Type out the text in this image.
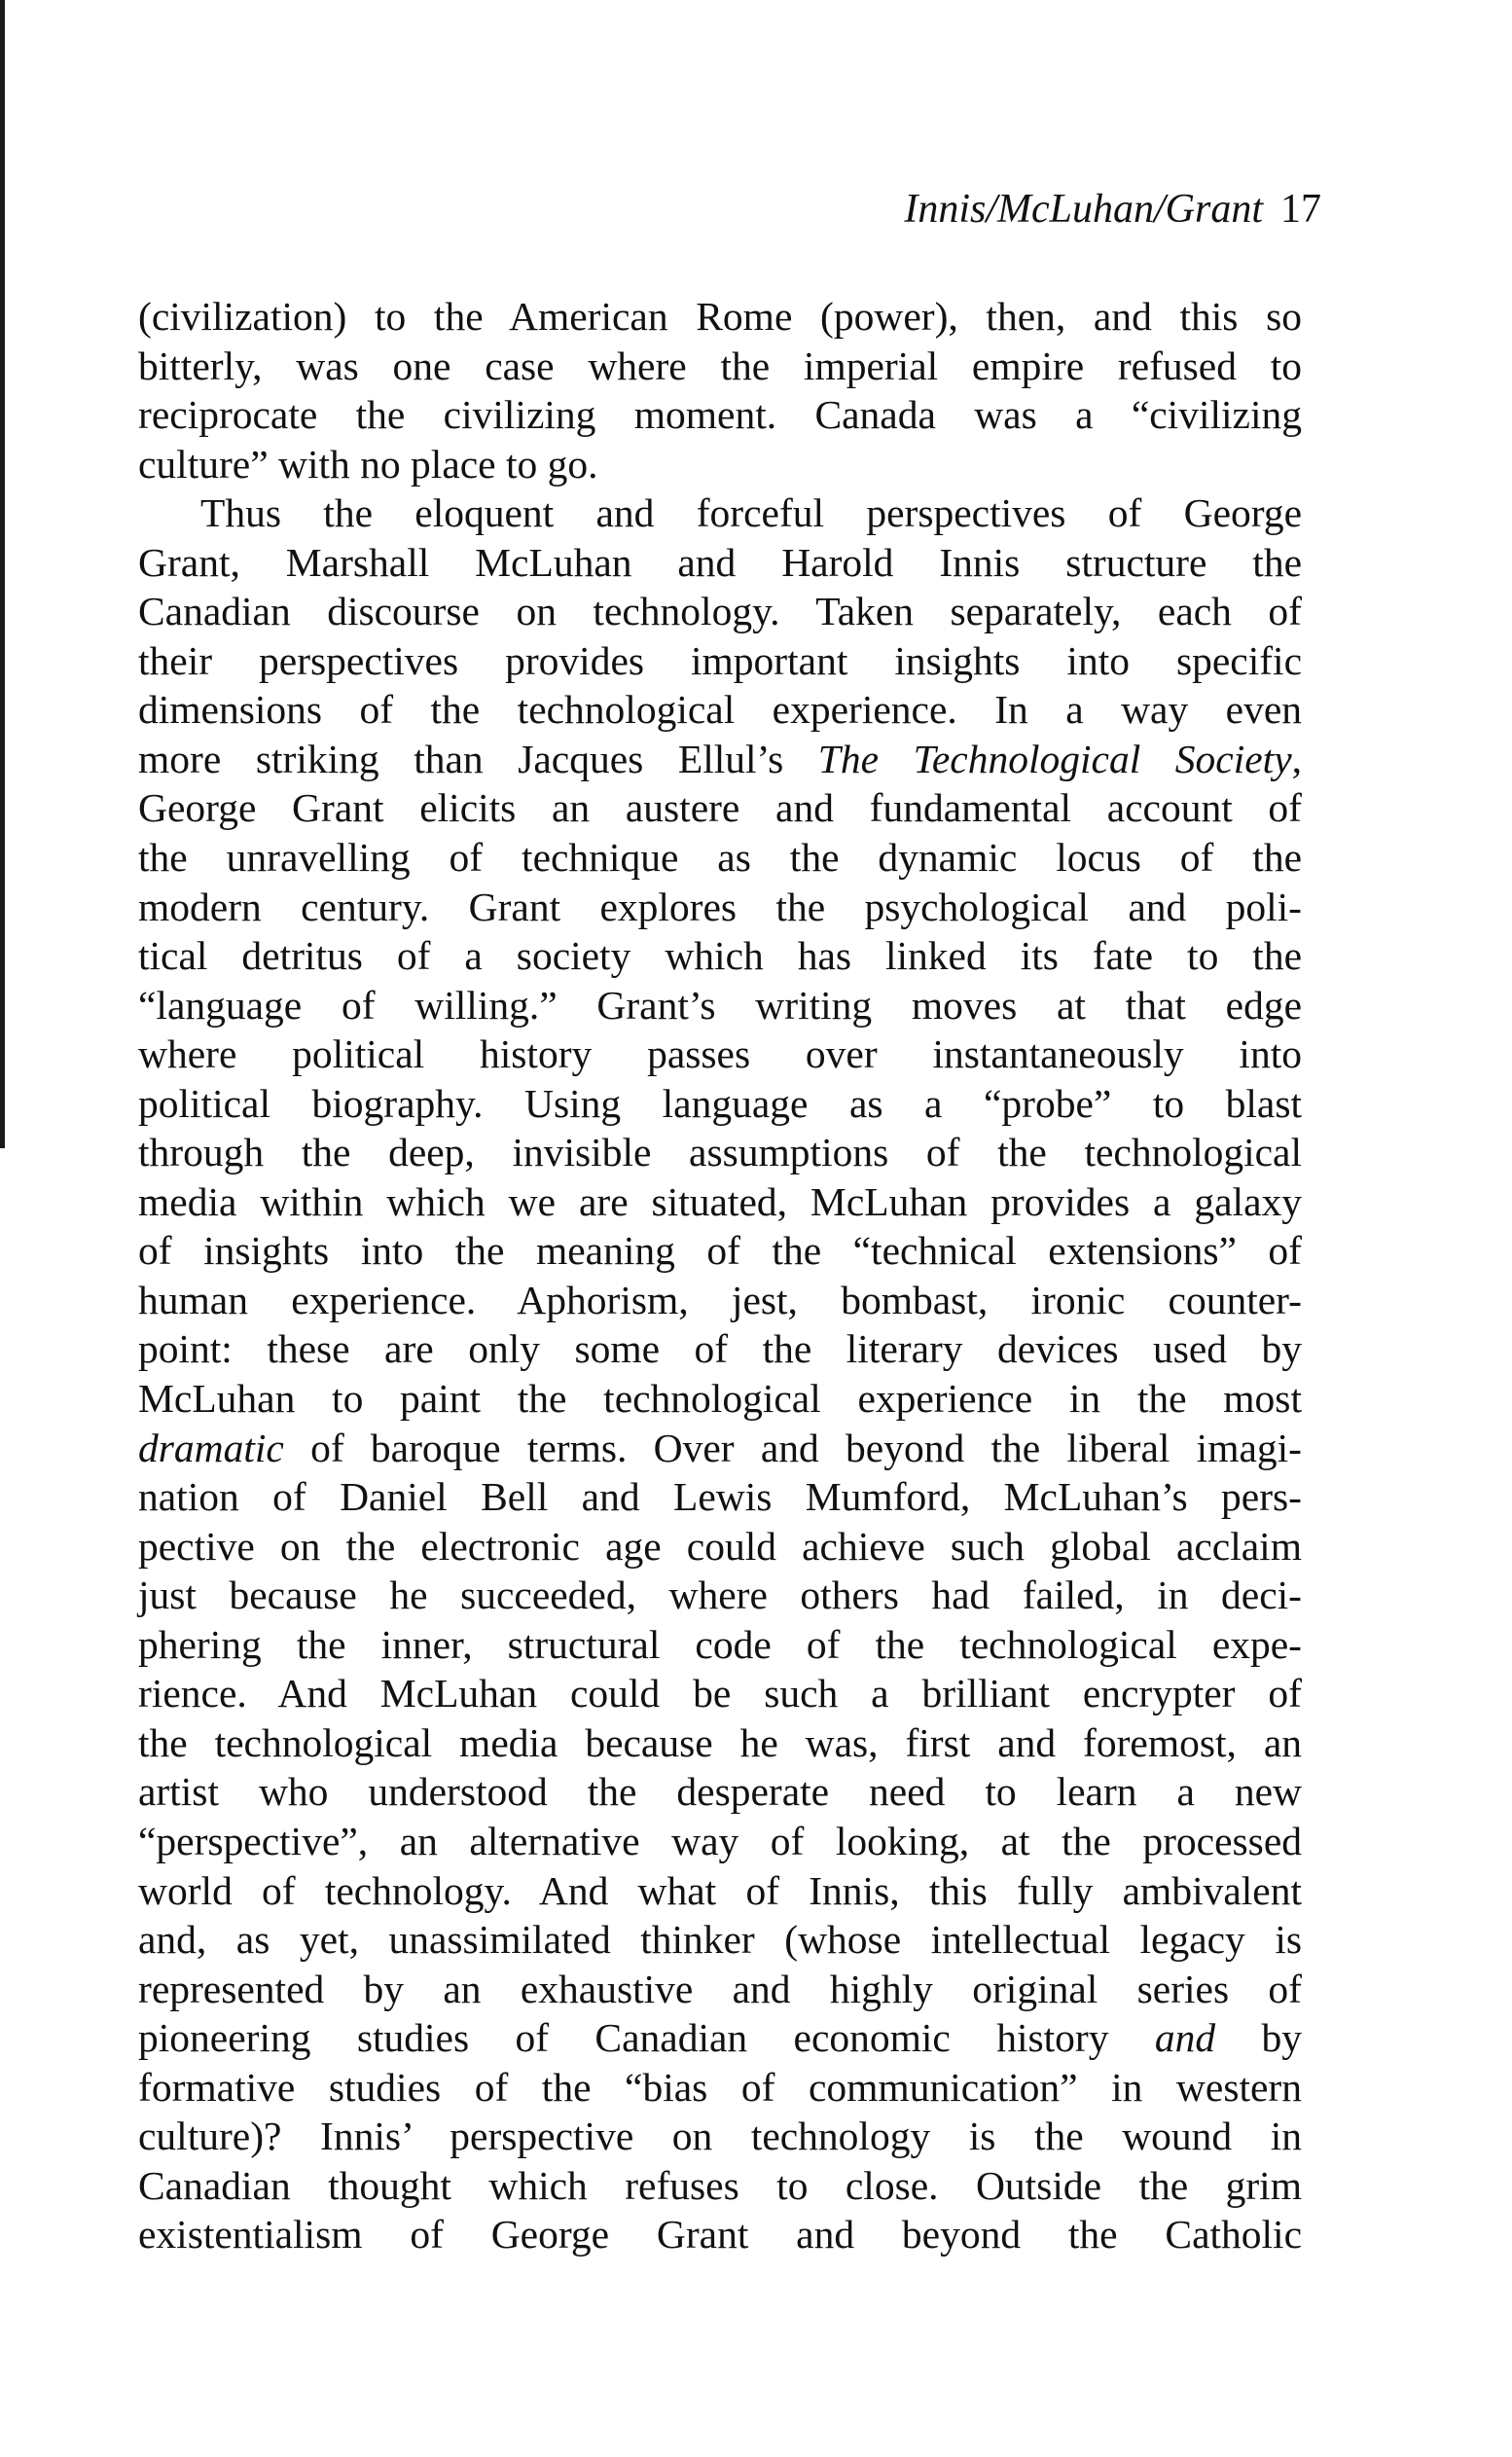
Innis/McLuhan/Grant 17
(civilization) to the American Rome (power), then, and this so
bitterly, was one case where the imperial empire refused to
reciprocate the civilizing moment. Canada was a “civilizing
culture” with no place to go.
Thus the eloquent and forceful perspectives of George
Grant, Marshall McLuhan and Harold Innis structure the
Canadian discourse on technology. Taken separately, each of
their perspectives provides important insights into specific
dimensions of the technological experience. In a way even
more striking than Jacques Ellul’s The Technological Society,
George Grant elicits an austere and fundamental account of
the unravelling of technique as the dynamic locus of the
modern century. Grant explores the psychological and poli-
tical detritus of a society which has linked its fate to the
“language of willing.” Grant’s writing moves at that edge
where political history passes over instantaneously into
political biography. Using language as a “probe” to blast
through the deep, invisible assumptions of the technological
media within which we are situated, McLuhan provides a galaxy
of insights into the meaning of the “technical extensions” of
human experience. Aphorism, jest, bombast, ironic counter-
point: these are only some of the literary devices used by
McLuhan to paint the technological experience in the most
dramatic of baroque terms. Over and beyond the liberal imagi-
nation of Daniel Bell and Lewis Mumford, McLuhan’s pers-
pective on the electronic age could achieve such global acclaim
just because he succeeded, where others had failed, in deci-
phering the inner, structural code of the technological expe-
rience. And McLuhan could be such a brilliant encrypter of
the technological media because he was, first and foremost, an
artist who understood the desperate need to learn a new
“perspective”, an alternative way of looking, at the processed
world of technology. And what of Innis, this fully ambivalent
and, as yet, unassimilated thinker (whose intellectual legacy is
represented by an exhaustive and highly original series of
pioneering studies of Canadian economic history and by
formative studies of the “bias of communication” in western
culture)? Innis’ perspective on technology is the wound in
Canadian thought which refuses to close. Outside the grim
existentialism of George Grant and beyond the Catholic
